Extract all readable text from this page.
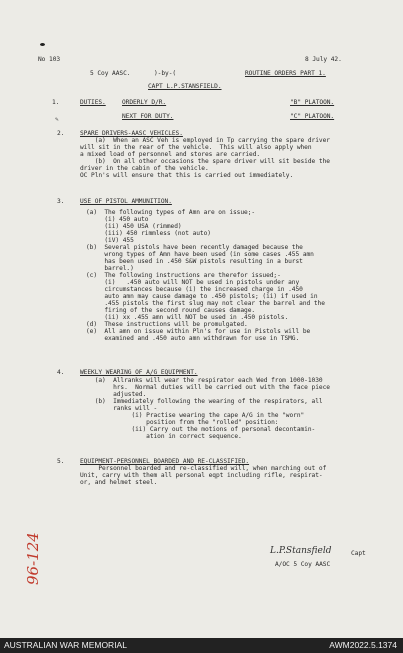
No 103	8 July 42.

5 Coy AASC.	)-by-(	ROUTINE ORDERS PART 1.

CAPT L.P.STANSFIELD.

1.	DUTIES.	ORDERLY D/R.	"B" PLATOON.

NEXT FOR DUTY.	"C" PLATOON.

✎

2.	SPARE DRIVERS-AASC VEHICLES.

(a)  When an ASC Veh is employed in Tp carrying the spare driver

will sit in the rear of the vehicle.  This will also apply when

a mixed load of personnel and stores are carried.

(b)  On all other occasions the spare driver will sit beside the

driver in the cabin of the vehicle.

OC Pln's will ensure that this is carried out immediately.

3.	USE OF PISTOL AMMUNITION.

(a)  The following types of Amn are on issue;-

(i) 450 auto

(ii) 450 USA (rimmed)

(iii) 450 rimmless (not auto)

(iV) 455

(b)  Several pistols have been recently damaged because the

wrong types of Amn have been used (in some cases .455 amn

has been used in .450 S&W pistols resulting in a burst

barrel.)

(c)  The following instructions are therefor issued;-

(i)   .450 auto will NOT be used in pistols under any

circumstances because (i) the increased charge in .450

auto amn may cause damage to .450 pistols; (ii) if used in

.455 pistols the first slug may not clear the barrel and the

firing of the second round causes damage.

(ii) xx .455 amn will NOT be used in .450 pistols.

(d)  These instructions will be promulgated.

(e)  All amn on issue within Pln's for use in Pistols will be

examined and .450 auto amn withdrawn for use in TSMG.

4.	WEEKLY WEARING OF A/G EQUIPMENT.

(a)  Allranks will wear the respirator each Wed from 1000-1030

hrs.  Normal duties will be carried out with the face piece

adjusted.

(b)  Immediately following the wearing of the respirators, all

ranks will -

(i) Practise wearing the cape A/G in the "worn"

position from the "rolled" position:

(ii) Carry out the motions of personal decontamin-

ation in correct sequence.

5.	EQUIPMENT-PERSONNEL BOARDED AND RE-CLASSIFIED.

Personnel boarded and re-classified will, when marching out of

Unit, carry with them all personal eqpt including rifle, respirat-

or, and helmet steel.

L.P.Stansfield	Capt

A/OC 5 Coy AASC

96-124
AUSTRALIAN WAR MEMORIAL	AWM2022.5.1374
